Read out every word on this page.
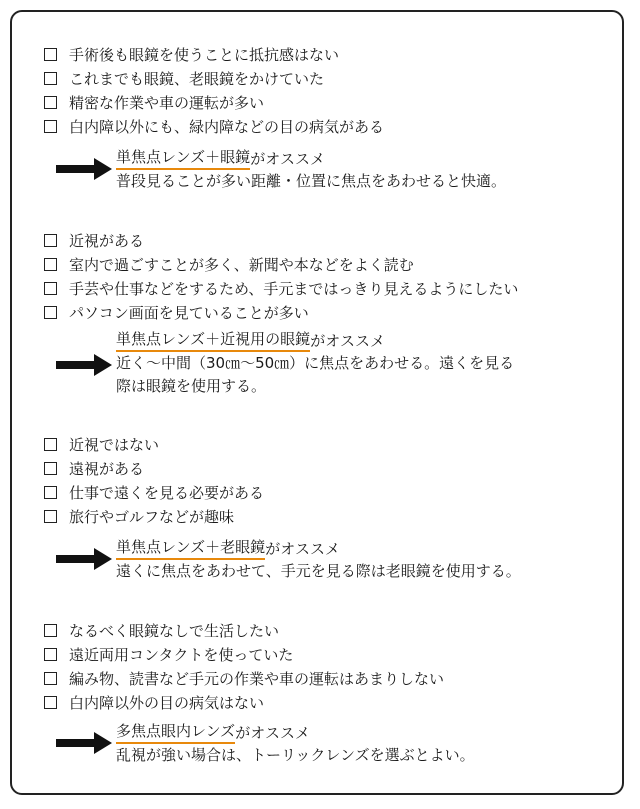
手術後も眼鏡を使うことに抵抗感はない
これまでも眼鏡、老眼鏡をかけていた
精密な作業や車の運転が多い
白内障以外にも、緑内障などの目の病気がある
単焦点レンズ＋眼鏡 がオススメ
普段見ることが多い距離・位置に焦点をあわせると快適。
近視がある
室内で過ごすことが多く、新聞や本などをよく読む
手芸や仕事などをするため、手元まではっきり見えるようにしたい
パソコン画面を見ていることが多い
単焦点レンズ＋近視用の眼鏡 がオススメ
近く～中間（30㎝～50㎝）に焦点をあわせる。遠くを見る
際は眼鏡を使用する。
近視ではない
遠視がある
仕事で遠くを見る必要がある
旅行やゴルフなどが趣味
単焦点レンズ＋老眼鏡 がオススメ
遠くに焦点をあわせて、手元を見る際は老眼鏡を使用する。
なるべく眼鏡なしで生活したい
遠近両用コンタクトを使っていた
編み物、読書など手元の作業や車の運転はあまりしない
白内障以外の目の病気はない
多焦点眼内レンズ がオススメ
乱視が強い場合は、トーリックレンズを選ぶとよい。
